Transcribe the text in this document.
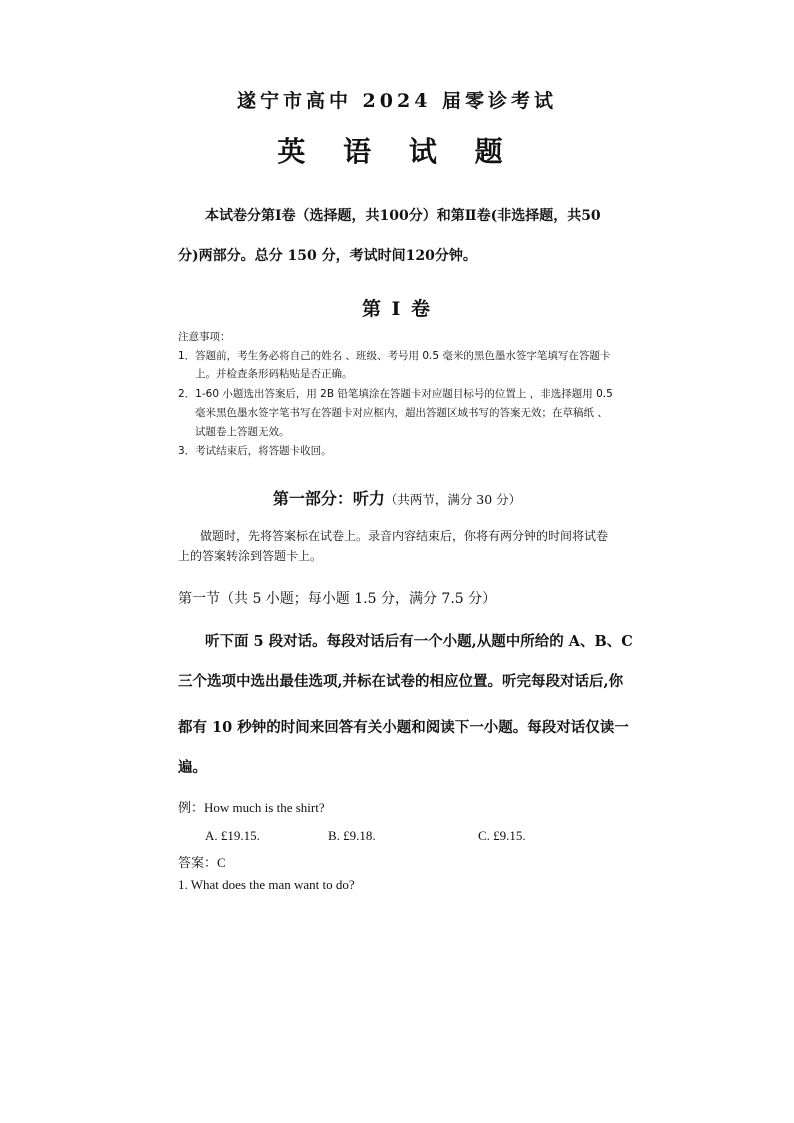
遂宁市高中 2024 届零诊考试
英 语 试 题
本试卷分第Ⅰ卷（选择题，共100分）和第Ⅱ卷(非选择题，共50
分)两部分。总分 150 分，考试时间120分钟。
第 Ⅰ 卷
注意事项：
1．答题前，考生务必将自己的姓名 、班级、考号用 0.5 毫米的黑色墨水签字笔填写在答题卡
上。并检查条形码粘贴是否正确。
2．1-60 小题选出答案后，用 2B 铅笔填涂在答题卡对应题目标号的位置上 ，非选择题用 0.5
毫米黑色墨水签字笔书写在答题卡对应框内，超出答题区域书写的答案无效；在草稿纸 、
试题卷上答题无效。
3．考试结束后，将答题卡收回。
第一部分：听力（共两节，满分 30 分）
做题时，先将答案标在试卷上。录音内容结束后，你将有两分钟的时间将试卷
上的答案转涂到答题卡上。
第一节（共 5 小题；每小题 1.5 分，满分 7.5 分）
听下面 5 段对话。每段对话后有一个小题,从题中所给的 A、B、C
三个选项中选出最佳选项,并标在试卷的相应位置。听完每段对话后,你
都有 10 秒钟的时间来回答有关小题和阅读下一小题。每段对话仅读一
遍。
例：How much is the shirt?
A. £19.15.	B. £9.18.	C. £9.15.
答案：C
1. What does the man want to do?
